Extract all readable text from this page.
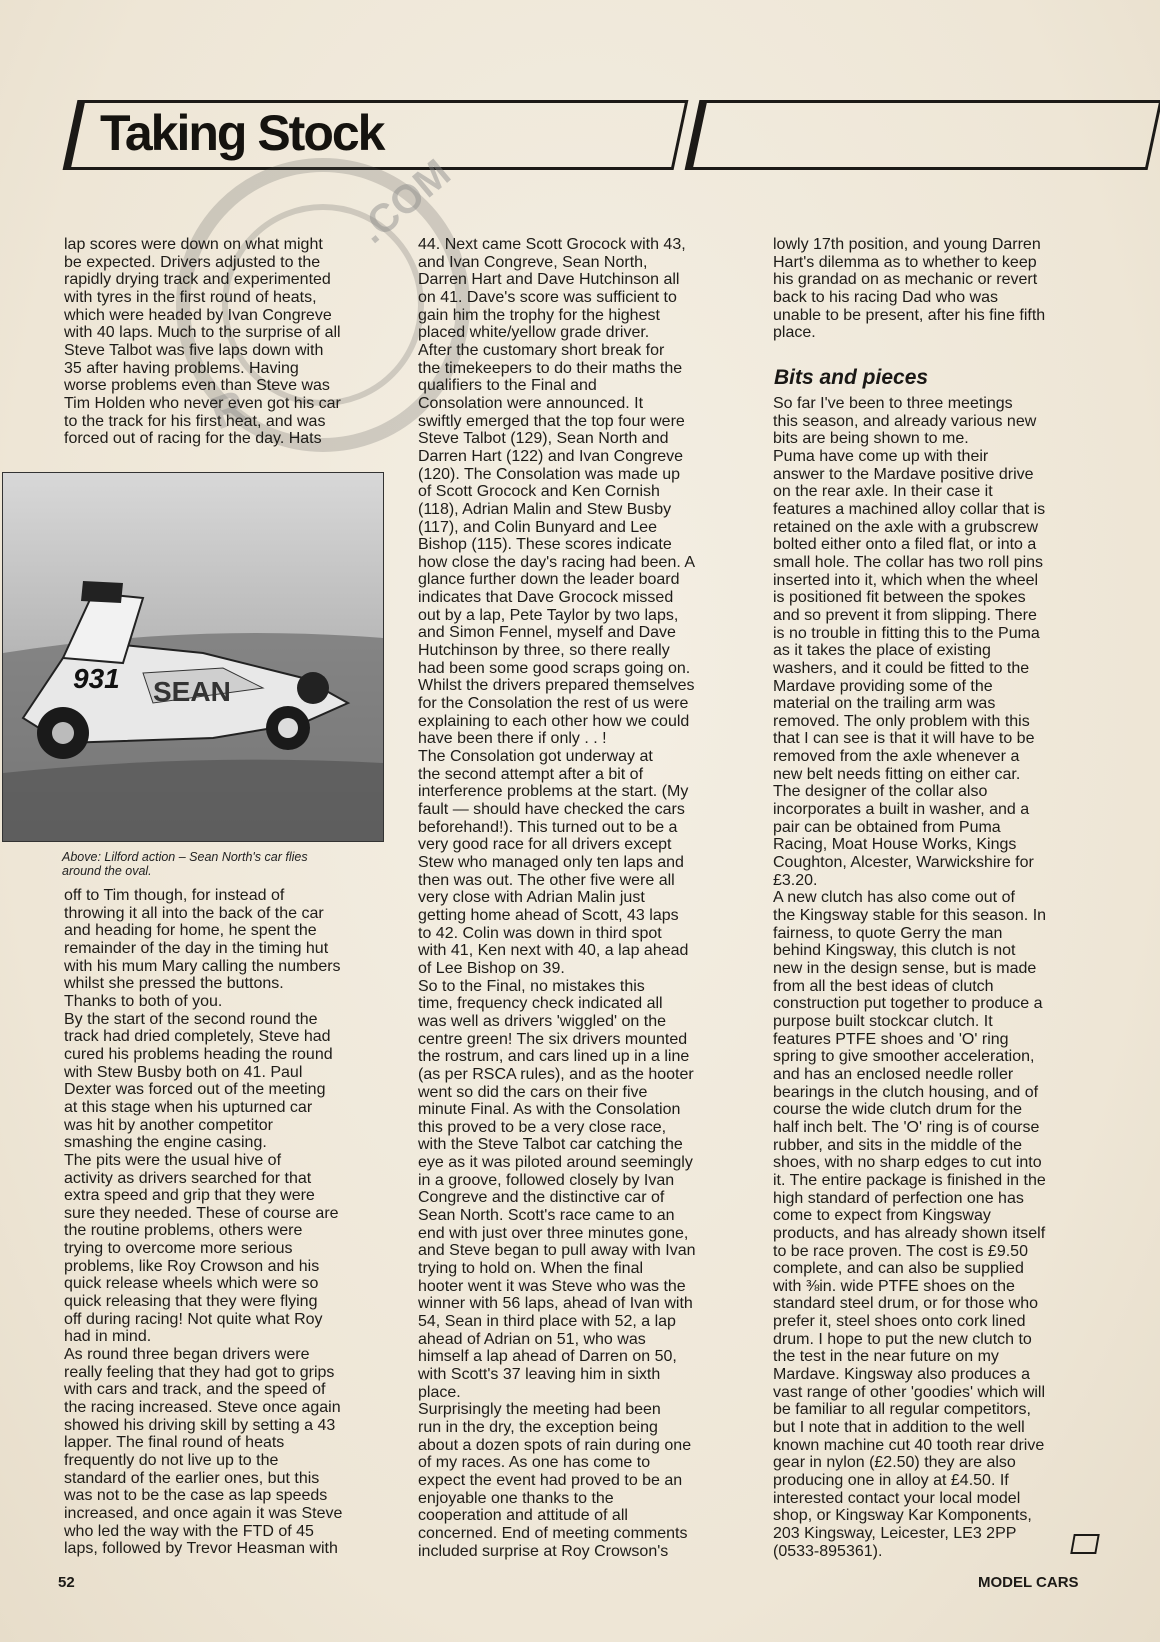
Taking Stock
.COM
R
lap scores were down on what might
be expected. Drivers adjusted to the
rapidly drying track and experimented
with tyres in the first round of heats,
which were headed by Ivan Congreve
with 40 laps. Much to the surprise of all
Steve Talbot was five laps down with
35 after having problems. Having
worse problems even than Steve was
Tim Holden who never even got his car
to the track for his first heat, and was
forced out of racing for the day. Hats
931 SEAN
Above: Lilford action – Sean North's car flies
around the oval.
off to Tim though, for instead of
throwing it all into the back of the car
and heading for home, he spent the
remainder of the day in the timing hut
with his mum Mary calling the numbers
whilst she pressed the buttons.
Thanks to both of you.
By the start of the second round the
track had dried completely, Steve had
cured his problems heading the round
with Stew Busby both on 41. Paul
Dexter was forced out of the meeting
at this stage when his upturned car
was hit by another competitor
smashing the engine casing.
The pits were the usual hive of
activity as drivers searched for that
extra speed and grip that they were
sure they needed. These of course are
the routine problems, others were
trying to overcome more serious
problems, like Roy Crowson and his
quick release wheels which were so
quick releasing that they were flying
off during racing! Not quite what Roy
had in mind.
As round three began drivers were
really feeling that they had got to grips
with cars and track, and the speed of
the racing increased. Steve once again
showed his driving skill by setting a 43
lapper. The final round of heats
frequently do not live up to the
standard of the earlier ones, but this
was not to be the case as lap speeds
increased, and once again it was Steve
who led the way with the FTD of 45
laps, followed by Trevor Heasman with
44. Next came Scott Grocock with 43,
and Ivan Congreve, Sean North,
Darren Hart and Dave Hutchinson all
on 41. Dave's score was sufficient to
gain him the trophy for the highest
placed white/yellow grade driver.
After the customary short break for
the timekeepers to do their maths the
qualifiers to the Final and
Consolation were announced. It
swiftly emerged that the top four were
Steve Talbot (129), Sean North and
Darren Hart (122) and Ivan Congreve
(120). The Consolation was made up
of Scott Grocock and Ken Cornish
(118), Adrian Malin and Stew Busby
(117), and Colin Bunyard and Lee
Bishop (115). These scores indicate
how close the day's racing had been. A
glance further down the leader board
indicates that Dave Grocock missed
out by a lap, Pete Taylor by two laps,
and Simon Fennel, myself and Dave
Hutchinson by three, so there really
had been some good scraps going on.
Whilst the drivers prepared themselves
for the Consolation the rest of us were
explaining to each other how we could
have been there if only . . !
The Consolation got underway at
the second attempt after a bit of
interference problems at the start. (My
fault — should have checked the cars
beforehand!). This turned out to be a
very good race for all drivers except
Stew who managed only ten laps and
then was out. The other five were all
very close with Adrian Malin just
getting home ahead of Scott, 43 laps
to 42. Colin was down in third spot
with 41, Ken next with 40, a lap ahead
of Lee Bishop on 39.
So to the Final, no mistakes this
time, frequency check indicated all
was well as drivers 'wiggled' on the
centre green! The six drivers mounted
the rostrum, and cars lined up in a line
(as per RSCA rules), and as the hooter
went so did the cars on their five
minute Final. As with the Consolation
this proved to be a very close race,
with the Steve Talbot car catching the
eye as it was piloted around seemingly
in a groove, followed closely by Ivan
Congreve and the distinctive car of
Sean North. Scott's race came to an
end with just over three minutes gone,
and Steve began to pull away with Ivan
trying to hold on. When the final
hooter went it was Steve who was the
winner with 56 laps, ahead of Ivan with
54, Sean in third place with 52, a lap
ahead of Adrian on 51, who was
himself a lap ahead of Darren on 50,
with Scott's 37 leaving him in sixth
place.
Surprisingly the meeting had been
run in the dry, the exception being
about a dozen spots of rain during one
of my races. As one has come to
expect the event had proved to be an
enjoyable one thanks to the
cooperation and attitude of all
concerned. End of meeting comments
included surprise at Roy Crowson's
lowly 17th position, and young Darren
Hart's dilemma as to whether to keep
his grandad on as mechanic or revert
back to his racing Dad who was
unable to be present, after his fine fifth
place.
Bits and pieces
So far I've been to three meetings
this season, and already various new
bits are being shown to me.
Puma have come up with their
answer to the Mardave positive drive
on the rear axle. In their case it
features a machined alloy collar that is
retained on the axle with a grubscrew
bolted either onto a filed flat, or into a
small hole. The collar has two roll pins
inserted into it, which when the wheel
is positioned fit between the spokes
and so prevent it from slipping. There
is no trouble in fitting this to the Puma
as it takes the place of existing
washers, and it could be fitted to the
Mardave providing some of the
material on the trailing arm was
removed. The only problem with this
that I can see is that it will have to be
removed from the axle whenever a
new belt needs fitting on either car.
The designer of the collar also
incorporates a built in washer, and a
pair can be obtained from Puma
Racing, Moat House Works, Kings
Coughton, Alcester, Warwickshire for
£3.20.
A new clutch has also come out of
the Kingsway stable for this season. In
fairness, to quote Gerry the man
behind Kingsway, this clutch is not
new in the design sense, but is made
from all the best ideas of clutch
construction put together to produce a
purpose built stockcar clutch. It
features PTFE shoes and 'O' ring
spring to give smoother acceleration,
and has an enclosed needle roller
bearings in the clutch housing, and of
course the wide clutch drum for the
half inch belt. The 'O' ring is of course
rubber, and sits in the middle of the
shoes, with no sharp edges to cut into
it. The entire package is finished in the
high standard of perfection one has
come to expect from Kingsway
products, and has already shown itself
to be race proven. The cost is £9.50
complete, and can also be supplied
with ⅜in. wide PTFE shoes on the
standard steel drum, or for those who
prefer it, steel shoes onto cork lined
drum. I hope to put the new clutch to
the test in the near future on my
Mardave. Kingsway also produces a
vast range of other 'goodies' which will
be familiar to all regular competitors,
but I note that in addition to the well
known machine cut 40 tooth rear drive
gear in nylon (£2.50) they are also
producing one in alloy at £4.50. If
interested contact your local model
shop, or Kingsway Kar Komponents,
203 Kingsway, Leicester, LE3 2PP
(0533-895361).
52	MODEL CARS
